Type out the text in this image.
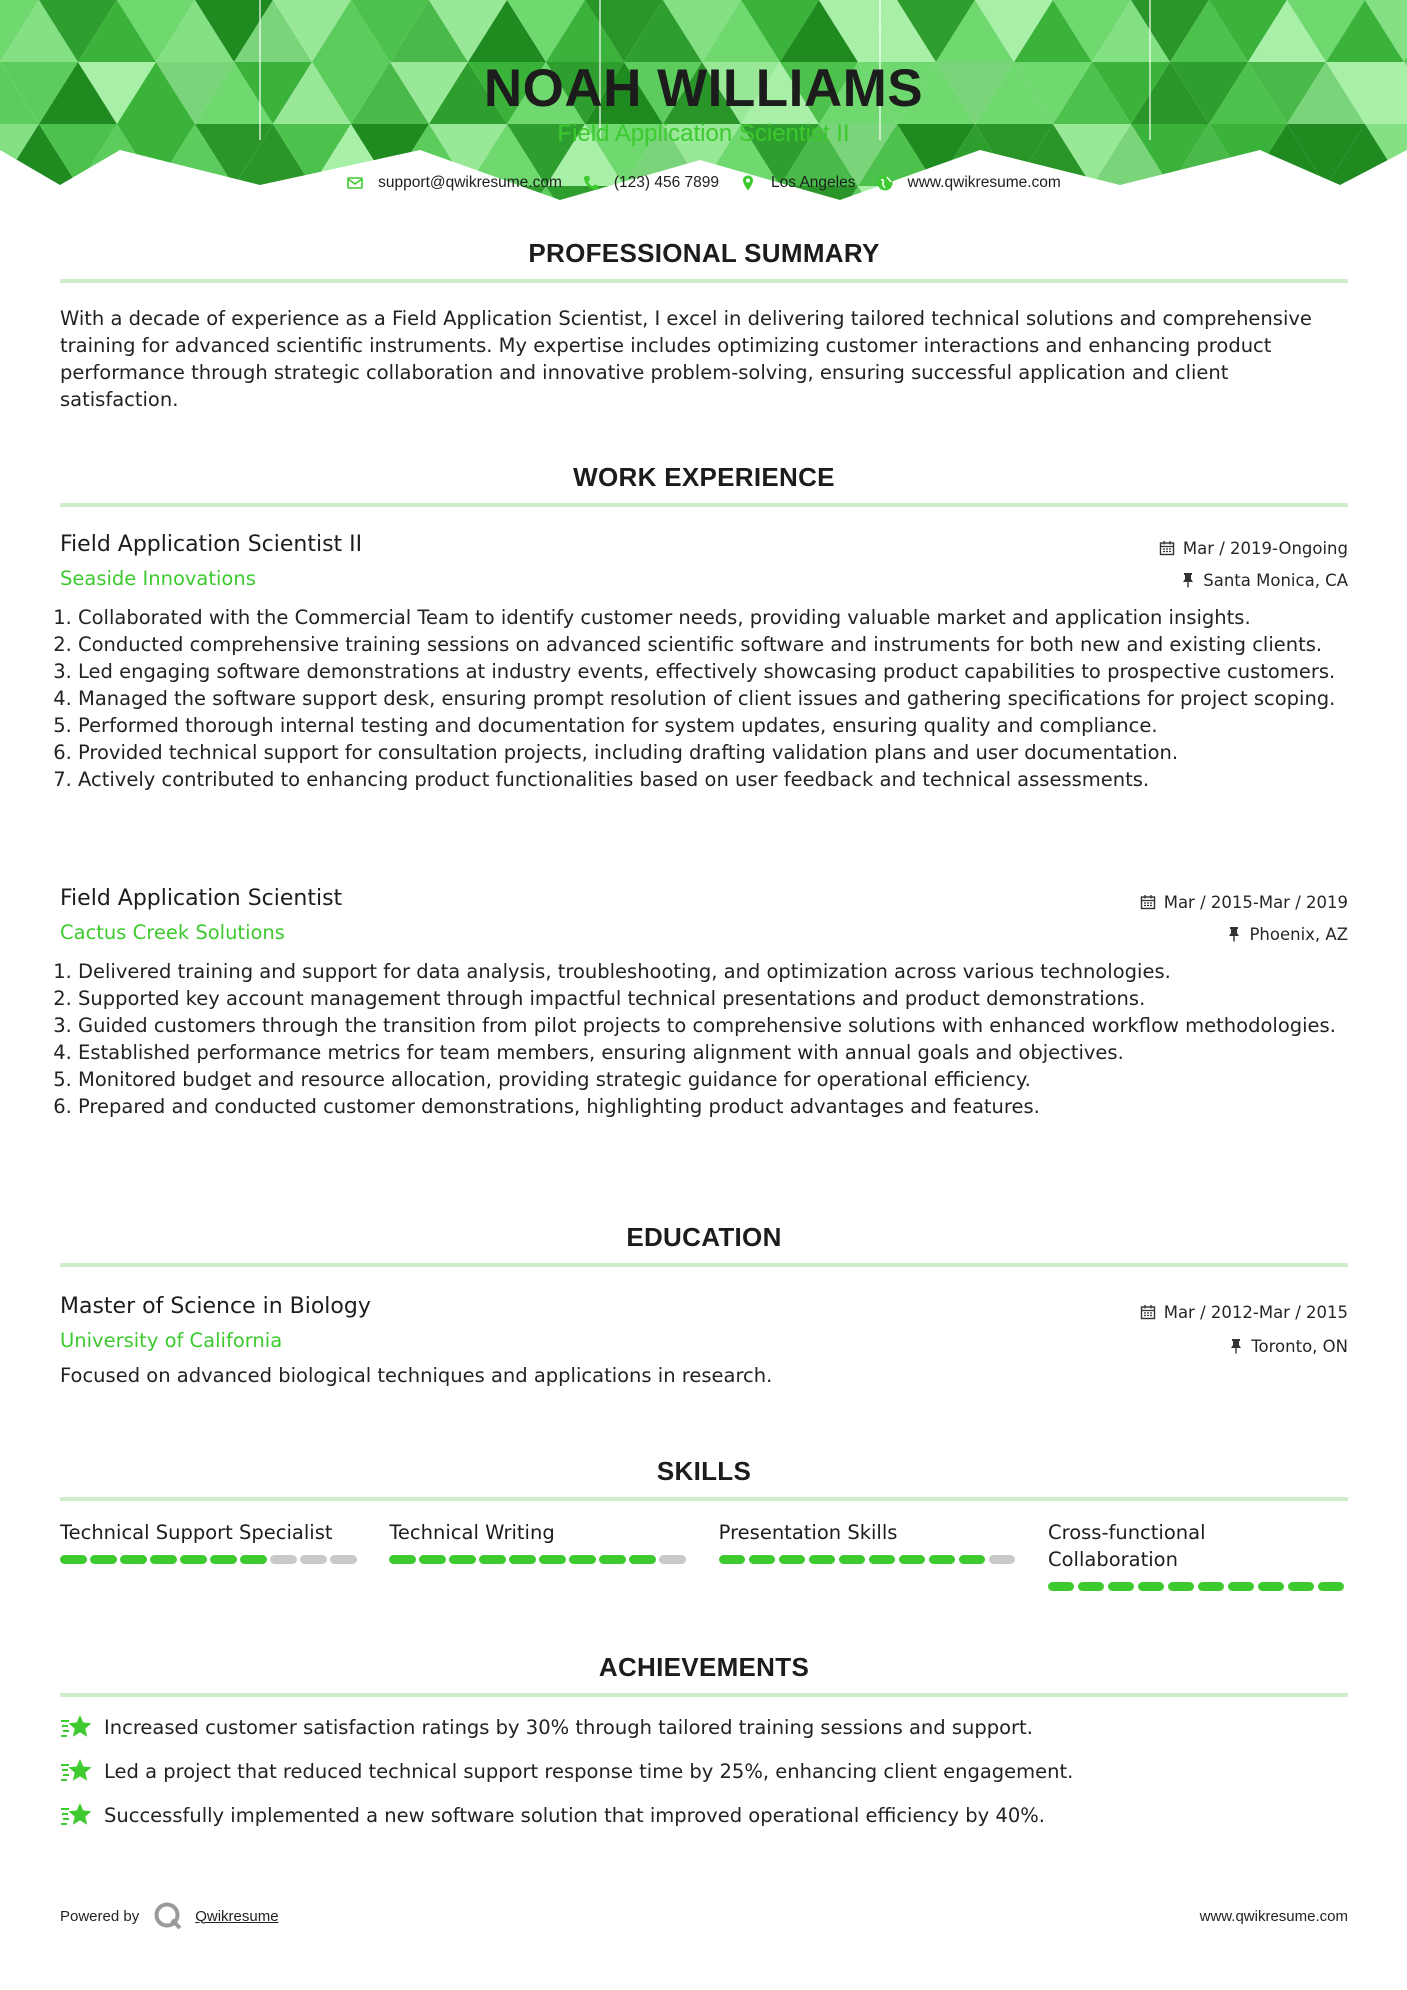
NOAH WILLIAMS
Field Application Scientist II
support@qwikresume.com	(123) 456 7899	Los Angeles	www.qwikresume.com
PROFESSIONAL SUMMARY

With a decade of experience as a Field Application Scientist, I excel in delivering tailored technical solutions and comprehensive training for advanced scientific instruments. My expertise includes optimizing customer interactions and enhancing product performance through strategic collaboration and innovative problem-solving, ensuring successful application and client satisfaction.

WORK EXPERIENCE
Field Application Scientist II
Seaside Innovations
Mar / 2019-Ongoing
Santa Monica, CA
1. Collaborated with the Commercial Team to identify customer needs, providing valuable market and application insights.
2. Conducted comprehensive training sessions on advanced scientific software and instruments for both new and existing clients.
3. Led engaging software demonstrations at industry events, effectively showcasing product capabilities to prospective customers.
4. Managed the software support desk, ensuring prompt resolution of client issues and gathering specifications for project scoping.
5. Performed thorough internal testing and documentation for system updates, ensuring quality and compliance.
6. Provided technical support for consultation projects, including drafting validation plans and user documentation.
7. Actively contributed to enhancing product functionalities based on user feedback and technical assessments.
Field Application Scientist
Cactus Creek Solutions
Mar / 2015-Mar / 2019
Phoenix, AZ
1. Delivered training and support for data analysis, troubleshooting, and optimization across various technologies.
2. Supported key account management through impactful technical presentations and product demonstrations.
3. Guided customers through the transition from pilot projects to comprehensive solutions with enhanced workflow methodologies.
4. Established performance metrics for team members, ensuring alignment with annual goals and objectives.
5. Monitored budget and resource allocation, providing strategic guidance for operational efficiency.
6. Prepared and conducted customer demonstrations, highlighting product advantages and features.
EDUCATION
Master of Science in Biology
University of California
Mar / 2012-Mar / 2015
Toronto, ON

Focused on advanced biological techniques and applications in research.

SKILLS
Technical Support Specialist	Technical Writing	Presentation Skills	Cross-functional Collaboration
ACHIEVEMENTS
Increased customer satisfaction ratings by 30% through tailored training sessions and support.
Led a project that reduced technical support response time by 25%, enhancing client engagement.
Successfully implemented a new software solution that improved operational efficiency by 40%.
Powered by	Qwikresume	www.qwikresume.com
